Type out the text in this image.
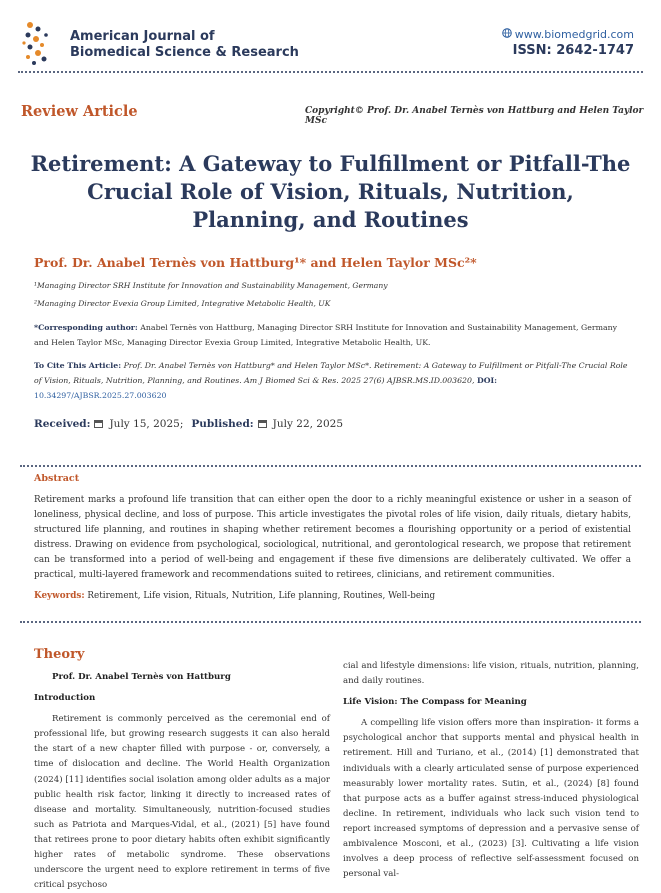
American Journal of
Biomedical Science & Research
www.biomedgrid.com
ISSN: 2642-1747
Review Article	Copyright© Prof. Dr. Anabel Ternès von Hattburg and Helen Taylor MSc
Retirement: A Gateway to Fulfillment or Pitfall-The Crucial Role of Vision, Rituals, Nutrition, Planning, and Routines
Prof. Dr. Anabel Ternès von Hattburg¹* and Helen Taylor MSc²*
¹Managing Director SRH Institute for Innovation and Sustainability Management, Germany
²Managing Director Evexia Group Limited, Integrative Metabolic Health, UK
*Corresponding author: Anabel Ternès von Hattburg, Managing Director SRH Institute for Innovation and Sustainability Management, Germany and Helen Taylor MSc, Managing Director Evexia Group Limited, Integrative Metabolic Health, UK.
To Cite This Article: Prof. Dr. Anabel Ternès von Hattburg* and Helen Taylor MSc*. Retirement: A Gateway to Fulfillment or Pitfall-The Crucial Role of Vision, Rituals, Nutrition, Planning, and Routines. Am J Biomed Sci & Res. 2025 27(6) AJBSR.MS.ID.003620, DOI: 10.34297/AJBSR.2025.27.003620
Received: July 15, 2025; Published: July 22, 2025
Abstract
Retirement marks a profound life transition that can either open the door to a richly meaningful existence or usher in a season of loneliness, physical decline, and loss of purpose. This article investigates the pivotal roles of life vision, daily rituals, dietary habits, structured life planning, and routines in shaping whether retirement becomes a flourishing opportunity or a period of existential distress. Drawing on evidence from psychological, sociological, nutritional, and gerontological research, we propose that retirement can be transformed into a period of well-being and engagement if these five dimensions are deliberately cultivated. We offer a practical, multi-layered framework and recommendations suited to retirees, clinicians, and retirement communities.
Keywords: Retirement, Life vision, Rituals, Nutrition, Life planning, Routines, Well-being
Theory
Prof. Dr. Anabel Ternès von Hattburg
Introduction
Retirement is commonly perceived as the ceremonial end of professional life, but growing research suggests it can also herald the start of a new chapter filled with purpose - or, conversely, a time of dislocation and decline. The World Health Organization (2024) [11] identifies social isolation among older adults as a major public health risk factor, linking it directly to increased rates of disease and mortality. Simultaneously, nutrition-focused studies such as Patriota and Marques-Vidal, et al., (2021) [5] have found that retirees prone to poor dietary habits often exhibit significantly higher rates of metabolic syndrome. These observations underscore the urgent need to explore retirement in terms of five critical psychoso
cial and lifestyle dimensions: life vision, rituals, nutrition, planning, and daily routines.
Life Vision: The Compass for Meaning
A compelling life vision offers more than inspiration- it forms a psychological anchor that supports mental and physical health in retirement. Hill and Turiano, et al., (2014) [1] demonstrated that individuals with a clearly articulated sense of purpose experienced measurably lower mortality rates. Sutin, et al., (2024) [8] found that purpose acts as a buffer against stress-induced physiological decline. In retirement, individuals who lack such vision tend to report increased symptoms of depression and a pervasive sense of ambivalence Mosconi, et al., (2023) [3]. Cultivating a life vision involves a deep process of reflective self-assessment focused on personal val-
